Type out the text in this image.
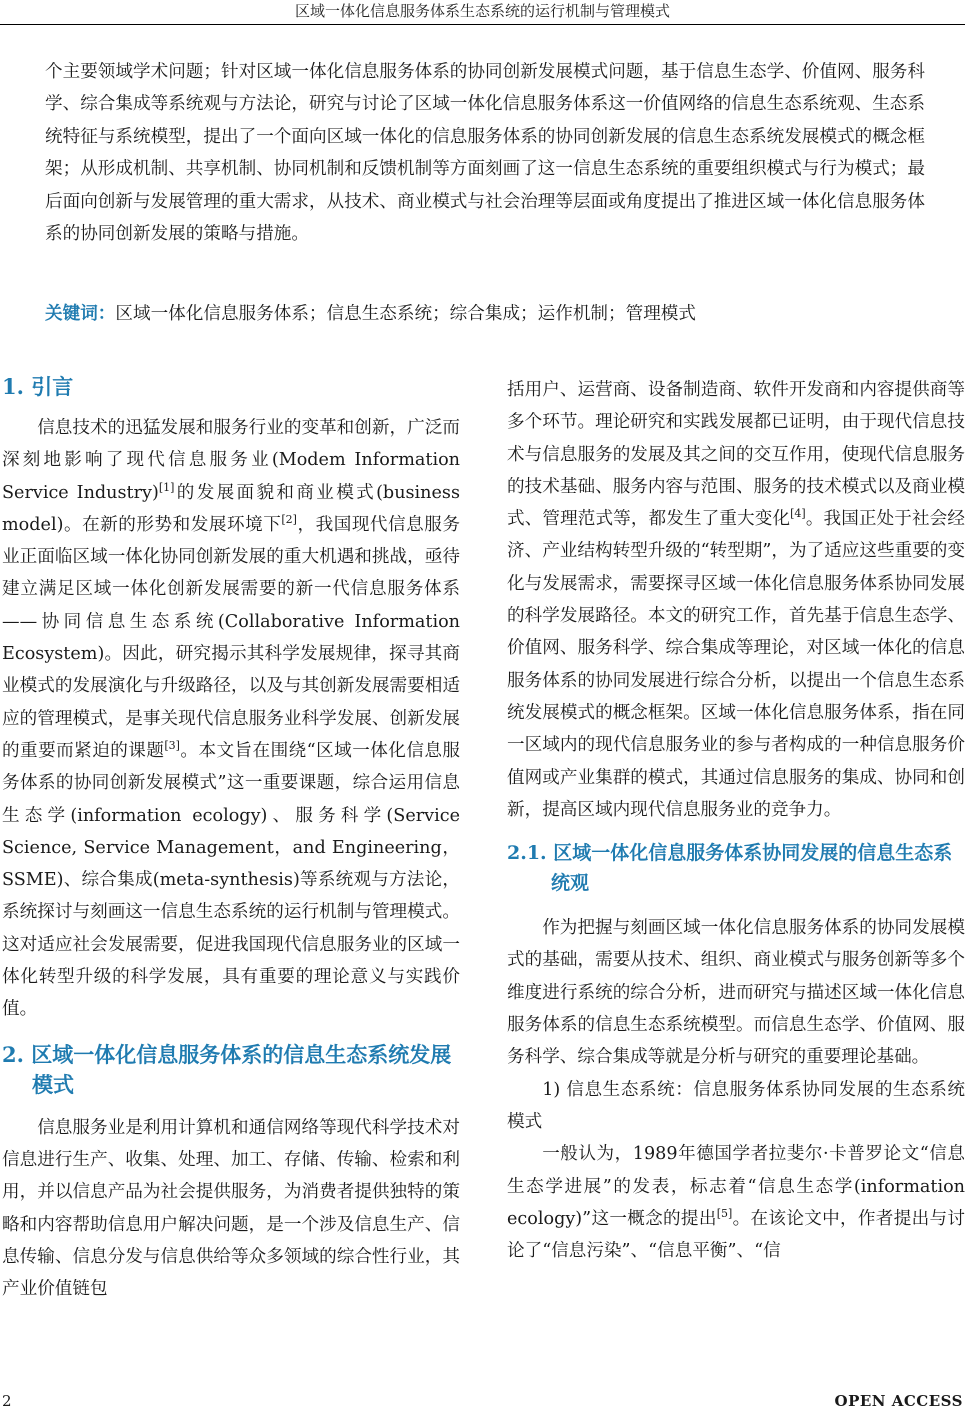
区域一体化信息服务体系生态系统的运行机制与管理模式

个主要领域学术问题；针对区域一体化信息服务体系的协同创新发展模式问题，基于信息生态学、价值网、服务科学、综合集成等系统观与方法论，研究与讨论了区域一体化信息服务体系这一价值网络的信息生态系统观、生态系统特征与系统模型，提出了一个面向区域一体化的信息服务体系的协同创新发展的信息生态系统发展模式的概念框架；从形成机制、共享机制、协同机制和反馈机制等方面刻画了这一信息生态系统的重要组织模式与行为模式；最后面向创新与发展管理的重大需求，从技术、商业模式与社会治理等层面或角度提出了推进区域一体化信息服务体系的协同创新发展的策略与措施。

关键词：区域一体化信息服务体系；信息生态系统；综合集成；运作机制；管理模式

1. 引言

信息技术的迅猛发展和服务行业的变革和创新，广泛而深刻地影响了现代信息服务业(Modem Information Service Industry)[1]的发展面貌和商业模式(business model)。在新的形势和发展环境下[2]，我国现代信息服务业正面临区域一体化协同创新发展的重大机遇和挑战，亟待建立满足区域一体化创新发展需要的新一代信息服务体系——协同信息生态系统(Collaborative Information Ecosystem)。因此，研究揭示其科学发展规律，探寻其商业模式的发展演化与升级路径，以及与其创新发展需要相适应的管理模式，是事关现代信息服务业科学发展、创新发展的重要而紧迫的课题[3]。本文旨在围绕“区域一体化信息服务体系的协同创新发展模式”这一重要课题，综合运用信息生态学(information ecology)、服务科学(Service Science, Service Management，and Engineering，SSME)、综合集成(meta-synthesis)等系统观与方法论，系统探讨与刻画这一信息生态系统的运行机制与管理模式。这对适应社会发展需要，促进我国现代信息服务业的区域一体化转型升级的科学发展，具有重要的理论意义与实践价值。

2. 区域一体化信息服务体系的信息生态系统发展模式

信息服务业是利用计算机和通信网络等现代科学技术对信息进行生产、收集、处理、加工、存储、传输、检索和利用，并以信息产品为社会提供服务，为消费者提供独特的策略和内容帮助信息用户解决问题，是一个涉及信息生产、信息传输、信息分发与信息供给等众多领域的综合性行业，其产业价值链包

括用户、运营商、设备制造商、软件开发商和内容提供商等多个环节。理论研究和实践发展都已证明，由于现代信息技术与信息服务的发展及其之间的交互作用，使现代信息服务的技术基础、服务内容与范围、服务的技术模式以及商业模式、管理范式等，都发生了重大变化[4]。我国正处于社会经济、产业结构转型升级的“转型期”，为了适应这些重要的变化与发展需求，需要探寻区域一体化信息服务体系协同发展的科学发展路径。本文的研究工作，首先基于信息生态学、价值网、服务科学、综合集成等理论，对区域一体化的信息服务体系的协同发展进行综合分析，以提出一个信息生态系统发展模式的概念框架。区域一体化信息服务体系，指在同一区域内的现代信息服务业的参与者构成的一种信息服务价值网或产业集群的模式，其通过信息服务的集成、协同和创新，提高区域内现代信息服务业的竞争力。

2.1. 区域一体化信息服务体系协同发展的信息生态系统观

作为把握与刻画区域一体化信息服务体系的协同发展模式的基础，需要从技术、组织、商业模式与服务创新等多个维度进行系统的综合分析，进而研究与描述区域一体化信息服务体系的信息生态系统模型。而信息生态学、价值网、服务科学、综合集成等就是分析与研究的重要理论基础。

1) 信息生态系统：信息服务体系协同发展的生态系统模式

一般认为，1989年德国学者拉斐尔·卡普罗论文“信息生态学进展”的发表，标志着“信息生态学(information ecology)”这一概念的提出[5]。在该论文中，作者提出与讨论了“信息污染”、“信息平衡”、“信

2	OPEN ACCESS
